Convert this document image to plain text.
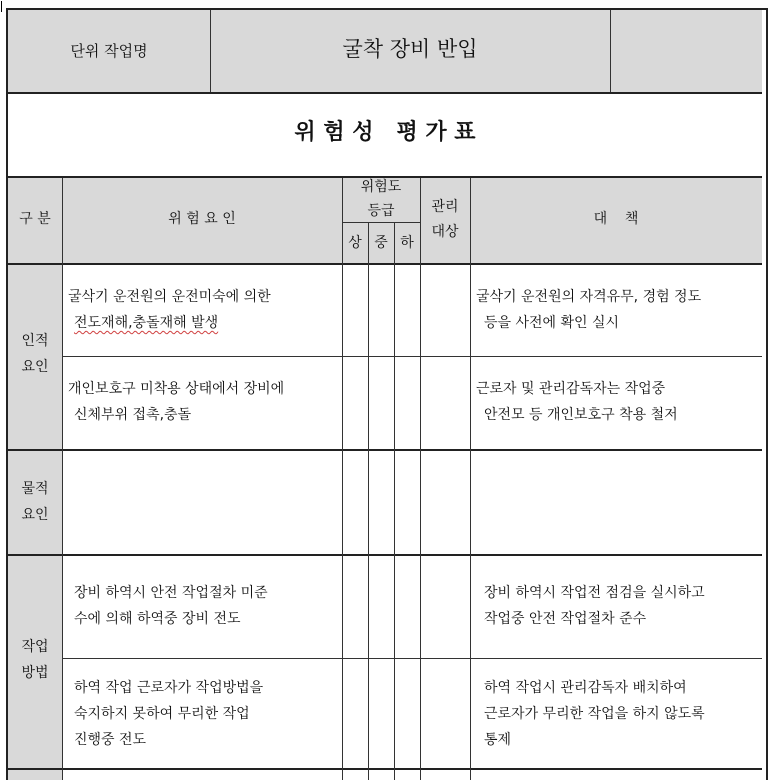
단위 작업명	굴착 장비 반입
위 험 성   평 가 표
구 분	위 험 요 인
위험도
등급
상 중 하
관리
대상
대    책
인적
요인
굴삭기 운전원의 운전미숙에 의한
전도재해,충돌재해 발생
굴삭기 운전원의 자격유무, 경험 정도
등을 사전에 확인 실시
개인보호구 미착용 상태에서 장비에
신체부위 접촉,충돌
근로자 및 관리감독자는 작업중
안전모 등 개인보호구 착용 철저
물적
요인
작업
방법
장비 하역시 안전 작업절차 미준
수에 의해 하역중 장비 전도
장비 하역시 작업전 점검을 실시하고
작업중 안전 작업절차 준수
하역 작업 근로자가 작업방법을
숙지하지 못하여 무리한 작업
진행중 전도
하역 작업시 관리감독자 배치하여
근로자가 무리한 작업을 하지 않도록
통제
